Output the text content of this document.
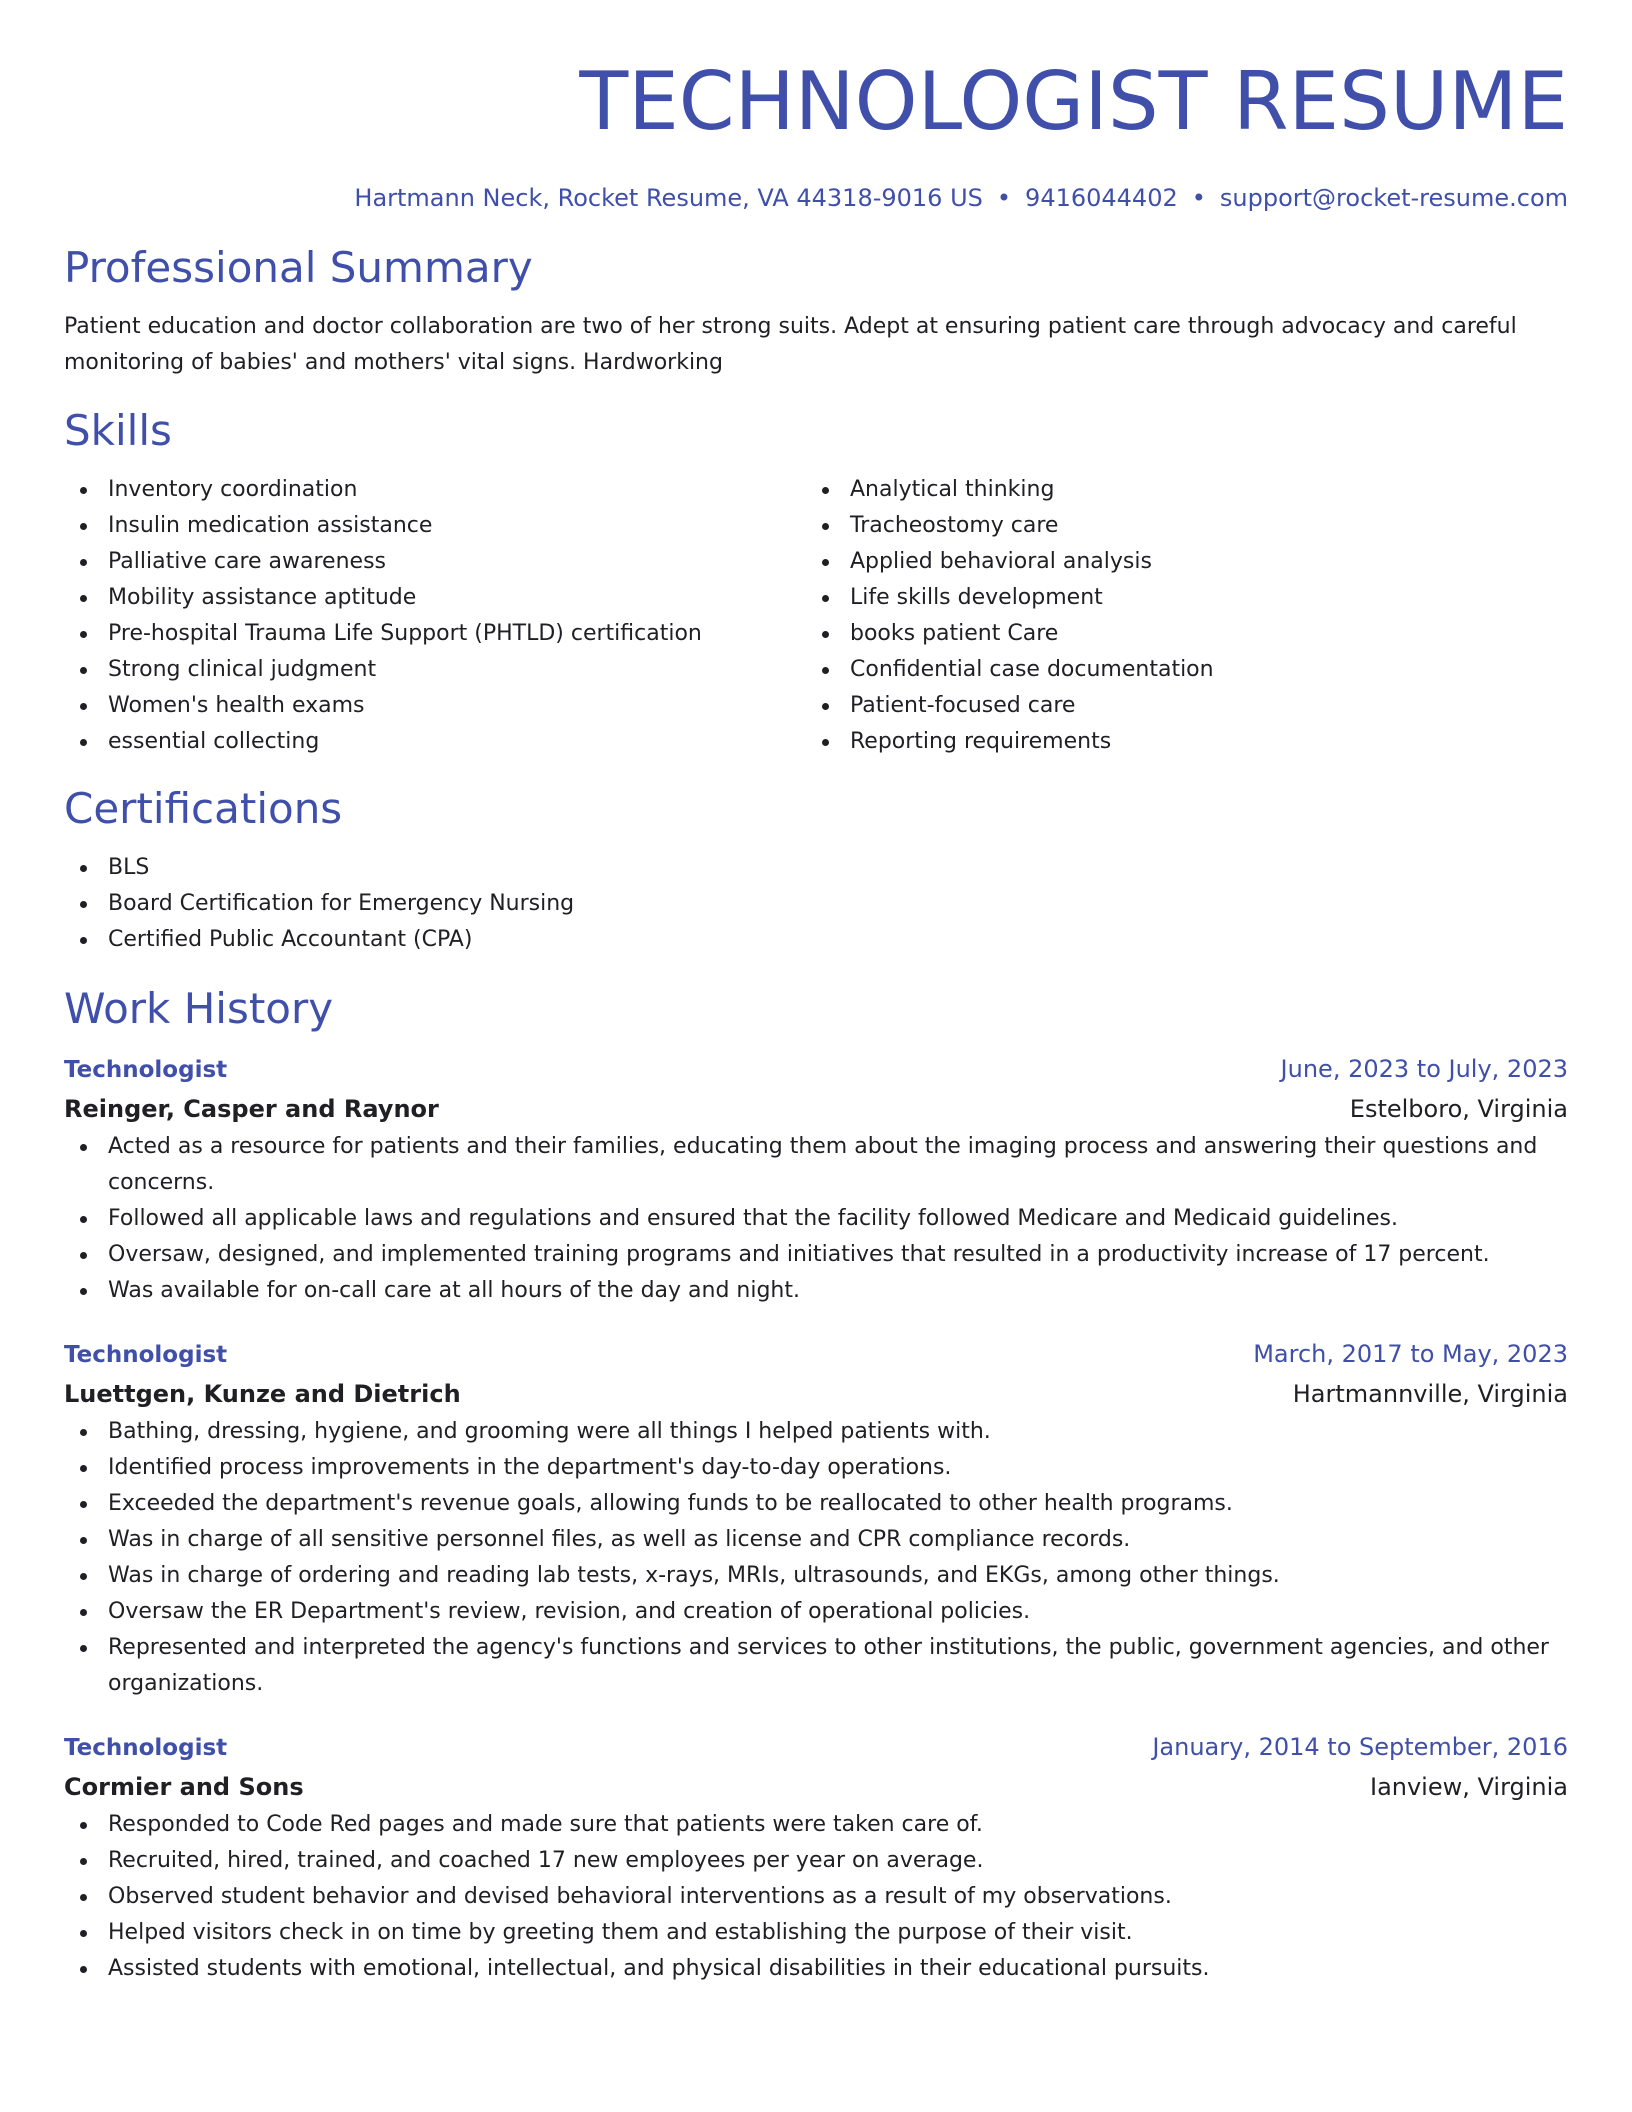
TECHNOLOGIST RESUME
Hartmann Neck, Rocket Resume, VA 44318-9016 US • 9416044402 • support@rocket-resume.com
Professional Summary

Patient education and doctor collaboration are two of her strong suits. Adept at ensuring patient care through advocacy and careful monitoring of babies' and mothers' vital signs. Hardworking

Skills
Inventory coordination
Insulin medication assistance
Palliative care awareness
Mobility assistance aptitude
Pre-hospital Trauma Life Support (PHTLD) certification
Strong clinical judgment
Women's health exams
essential collecting
Analytical thinking
Tracheostomy care
Applied behavioral analysis
Life skills development
books patient Care
Confidential case documentation
Patient-focused care
Reporting requirements
Certifications
BLS
Board Certification for Emergency Nursing
Certified Public Accountant (CPA)
Work History
Technologist	June, 2023 to July, 2023
Reinger, Casper and Raynor	Estelboro, Virginia
Acted as a resource for patients and their families, educating them about the imaging process and answering their questions and concerns.
Followed all applicable laws and regulations and ensured that the facility followed Medicare and Medicaid guidelines.
Oversaw, designed, and implemented training programs and initiatives that resulted in a productivity increase of 17 percent.
Was available for on-call care at all hours of the day and night.
Technologist	March, 2017 to May, 2023
Luettgen, Kunze and Dietrich	Hartmannville, Virginia
Bathing, dressing, hygiene, and grooming were all things I helped patients with.
Identified process improvements in the department's day-to-day operations.
Exceeded the department's revenue goals, allowing funds to be reallocated to other health programs.
Was in charge of all sensitive personnel files, as well as license and CPR compliance records.
Was in charge of ordering and reading lab tests, x-rays, MRIs, ultrasounds, and EKGs, among other things.
Oversaw the ER Department's review, revision, and creation of operational policies.
Represented and interpreted the agency's functions and services to other institutions, the public, government agencies, and other organizations.
Technologist	January, 2014 to September, 2016
Cormier and Sons	Ianview, Virginia
Responded to Code Red pages and made sure that patients were taken care of.
Recruited, hired, trained, and coached 17 new employees per year on average.
Observed student behavior and devised behavioral interventions as a result of my observations.
Helped visitors check in on time by greeting them and establishing the purpose of their visit.
Assisted students with emotional, intellectual, and physical disabilities in their educational pursuits.
